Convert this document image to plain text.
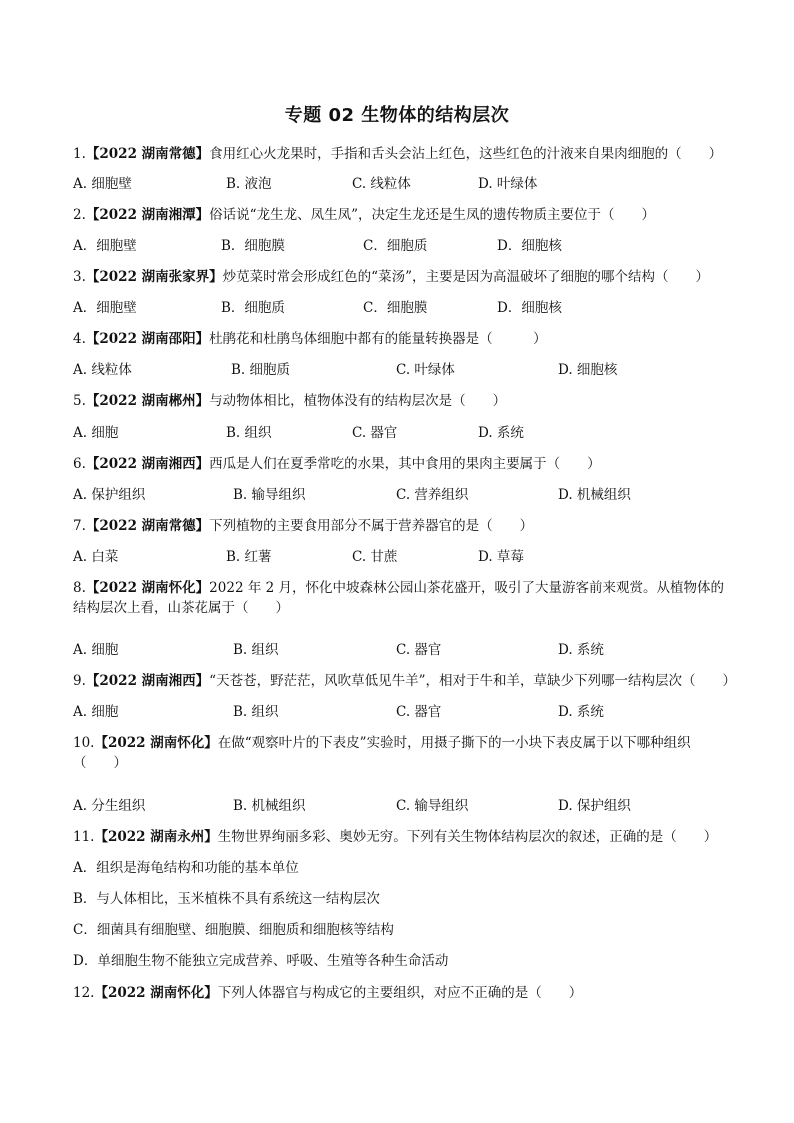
专题 02 生物体的结构层次
1.【2022 湖南常德】食用红心火龙果时，手指和舌头会沾上红色，这些红色的汁液来自果肉细胞的（　　）
A. 细胞壁	B. 液泡	C. 线粒体	D. 叶绿体
2.【2022 湖南湘潭】俗话说“龙生龙、凤生凤”，决定生龙还是生凤的遗传物质主要位于（　　）
A．细胞壁	B．细胞膜	C．细胞质	D．细胞核
3.【2022 湖南张家界】炒苋菜时常会形成红色的“菜汤”，主要是因为高温破坏了细胞的哪个结构（　　）
A．细胞壁	B．细胞质	C．细胞膜	D．细胞核
4.【2022 湖南邵阳】杜鹃花和杜鹃鸟体细胞中都有的能量转换器是（　　　）
A. 线粒体	B. 细胞质	C. 叶绿体	D. 细胞核
5.【2022 湖南郴州】与动物体相比，植物体没有的结构层次是（　　）
A. 细胞	B. 组织	C. 器官	D. 系统
6.【2022 湖南湘西】西瓜是人们在夏季常吃的水果，其中食用的果肉主要属于（　　）
A. 保护组织	B. 输导组织	C. 营养组织	D. 机械组织
7.【2022 湖南常德】下列植物的主要食用部分不属于营养器官的是（　　）
A. 白菜	B. 红薯	C. 甘蔗	D. 草莓
8.【2022 湖南怀化】2022 年 2 月，怀化中坡森林公园山茶花盛开，吸引了大量游客前来观赏。从植物体的结构层次上看，山茶花属于（　　）
A. 细胞	B. 组织	C. 器官	D. 系统
9.【2022 湖南湘西】“天苍苍，野茫茫，风吹草低见牛羊”，相对于牛和羊，草缺少下列哪一结构层次（　　）
A. 细胞	B. 组织	C. 器官	D. 系统
10.【2022 湖南怀化】在做“观察叶片的下表皮”实验时，用摄子撕下的一小块下表皮属于以下哪种组织（　　）
A. 分生组织	B. 机械组织	C. 输导组织	D. 保护组织
11.【2022 湖南永州】生物世界绚丽多彩、奥妙无穷。下列有关生物体结构层次的叙述，正确的是（　　）
A．组织是海龟结构和功能的基本单位
B．与人体相比，玉米植株不具有系统这一结构层次
C．细菌具有细胞壁、细胞膜、细胞质和细胞核等结构
D．单细胞生物不能独立完成营养、呼吸、生殖等各种生命活动
12.【2022 湖南怀化】下列人体器官与构成它的主要组织，对应不正确的是（　　）
